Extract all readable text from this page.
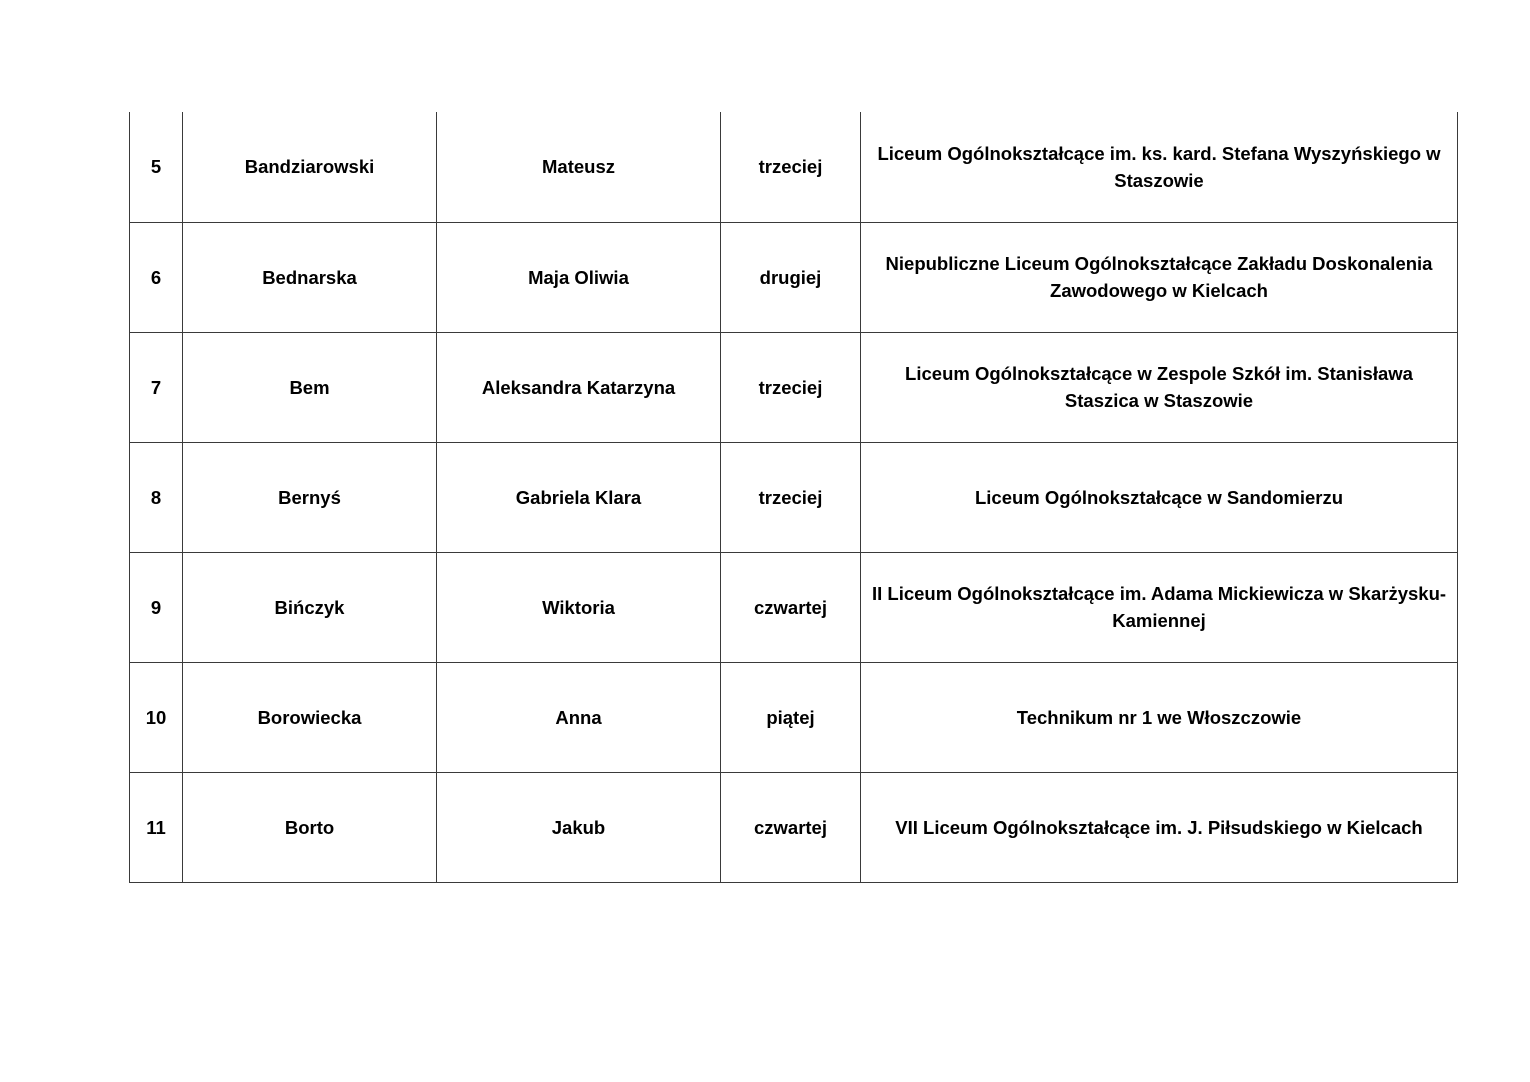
5	Bandziarowski	Mateusz	trzeciej	Liceum Ogólnokształcące im. ks. kard. Stefana Wyszyńskiego w Staszowie
6	Bednarska	Maja Oliwia	drugiej	Niepubliczne Liceum Ogólnokształcące Zakładu Doskonalenia Zawodowego w Kielcach
7	Bem	Aleksandra Katarzyna	trzeciej	Liceum Ogólnokształcące w Zespole Szkół im. Stanisława Staszica w Staszowie
8	Bernyś	Gabriela Klara	trzeciej	Liceum Ogólnokształcące w Sandomierzu
9	Bińczyk	Wiktoria	czwartej	II Liceum Ogólnokształcące im. Adama Mickiewicza w Skarżysku-Kamiennej
10	Borowiecka	Anna	piątej	Technikum nr 1 we Włoszczowie
11	Borto	Jakub	czwartej	VII Liceum Ogólnokształcące im. J. Piłsudskiego w Kielcach
